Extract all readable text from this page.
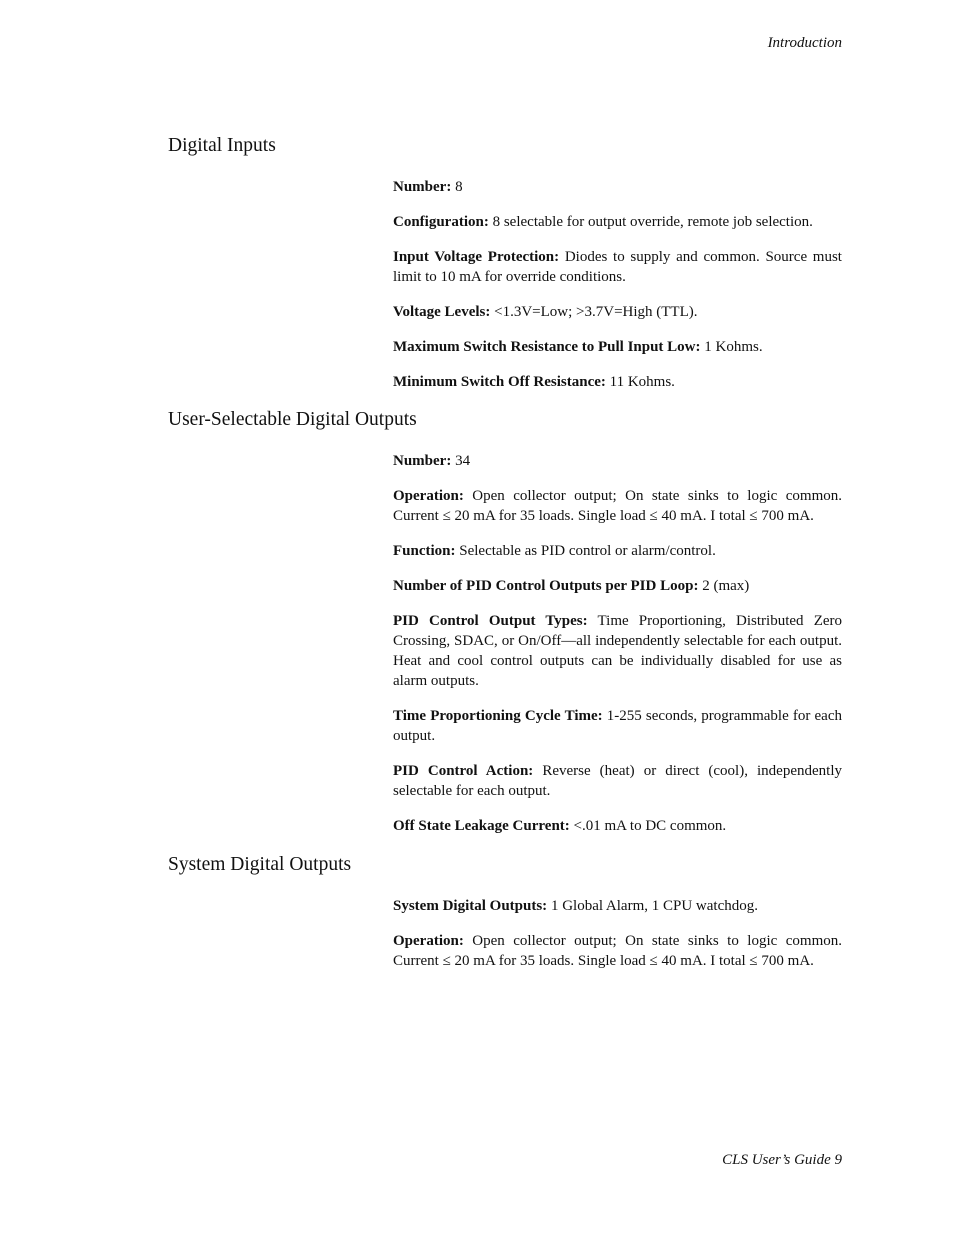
Introduction
Digital Inputs

Number: 8

Configuration: 8 selectable for output override, remote job selection.

Input Voltage Protection: Diodes to supply and common. Source must limit to 10 mA for override conditions.

Voltage Levels: <1.3V=Low; >3.7V=High (TTL).

Maximum Switch Resistance to Pull Input Low: 1 Kohms.

Minimum Switch Off Resistance: 11 Kohms.

User-Selectable Digital Outputs

Number: 34

Operation: Open collector output; On state sinks to logic common. Current ≤ 20 mA for 35 loads. Single load ≤ 40 mA. I total ≤ 700 mA.

Function: Selectable as PID control or alarm/control.

Number of PID Control Outputs per PID Loop: 2 (max)

PID Control Output Types: Time Proportioning, Distributed Zero Crossing, SDAC, or On/Off—all independently selectable for each output. Heat and cool control outputs can be individually disabled for use as alarm outputs.

Time Proportioning Cycle Time: 1-255 seconds, programmable for each output.

PID Control Action: Reverse (heat) or direct (cool), independently selectable for each output.

Off State Leakage Current: <.01 mA to DC common.

System Digital Outputs

System Digital Outputs: 1 Global Alarm, 1 CPU watchdog.

Operation: Open collector output; On state sinks to logic common. Current ≤ 20 mA for 35 loads. Single load ≤ 40 mA. I total ≤ 700 mA.

CLS User’s Guide 9
